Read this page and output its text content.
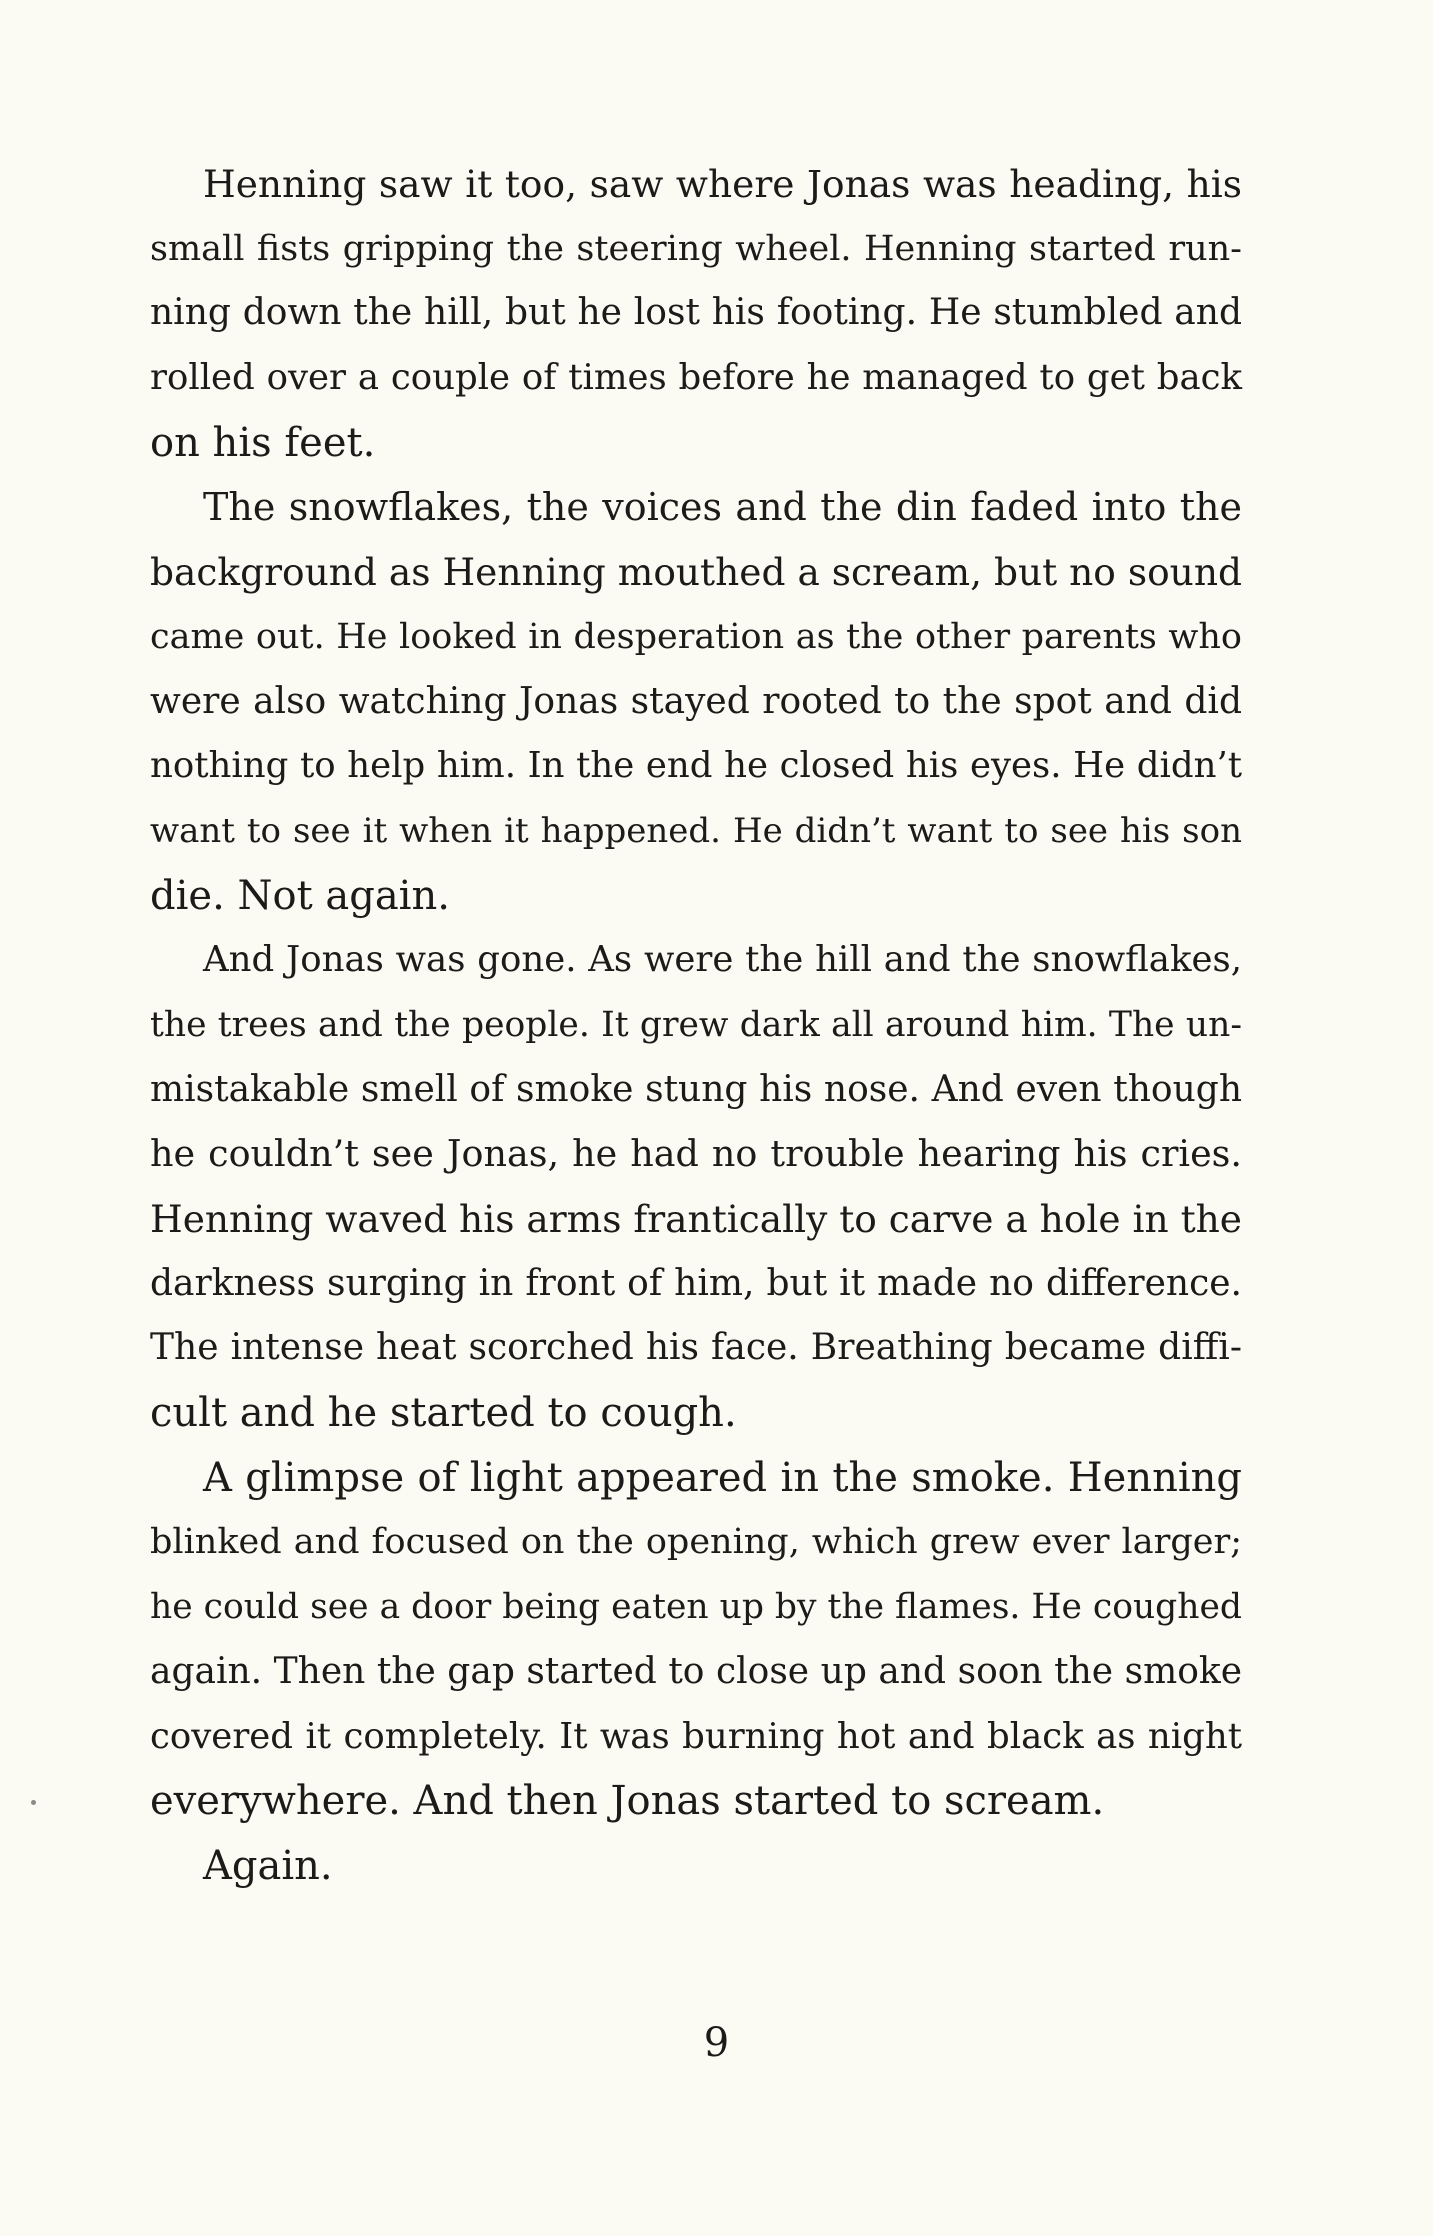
Henning saw it too, saw where Jonas was heading, his
small fists gripping the steering wheel. Henning started run-
ning down the hill, but he lost his footing. He stumbled and
rolled over a couple of times before he managed to get back
on his feet.
The snowflakes, the voices and the din faded into the
background as Henning mouthed a scream, but no sound
came out. He looked in desperation as the other parents who
were also watching Jonas stayed rooted to the spot and did
nothing to help him. In the end he closed his eyes. He didn’t
want to see it when it happened. He didn’t want to see his son
die. Not again.
And Jonas was gone. As were the hill and the snowflakes,
the trees and the people. It grew dark all around him. The un-
mistakable smell of smoke stung his nose. And even though
he couldn’t see Jonas, he had no trouble hearing his cries.
Henning waved his arms frantically to carve a hole in the
darkness surging in front of him, but it made no difference.
The intense heat scorched his face. Breathing became diffi-
cult and he started to cough.
A glimpse of light appeared in the smoke. Henning
blinked and focused on the opening, which grew ever larger;
he could see a door being eaten up by the flames. He coughed
again. Then the gap started to close up and soon the smoke
covered it completely. It was burning hot and black as night
everywhere. And then Jonas started to scream.
Again.
9
